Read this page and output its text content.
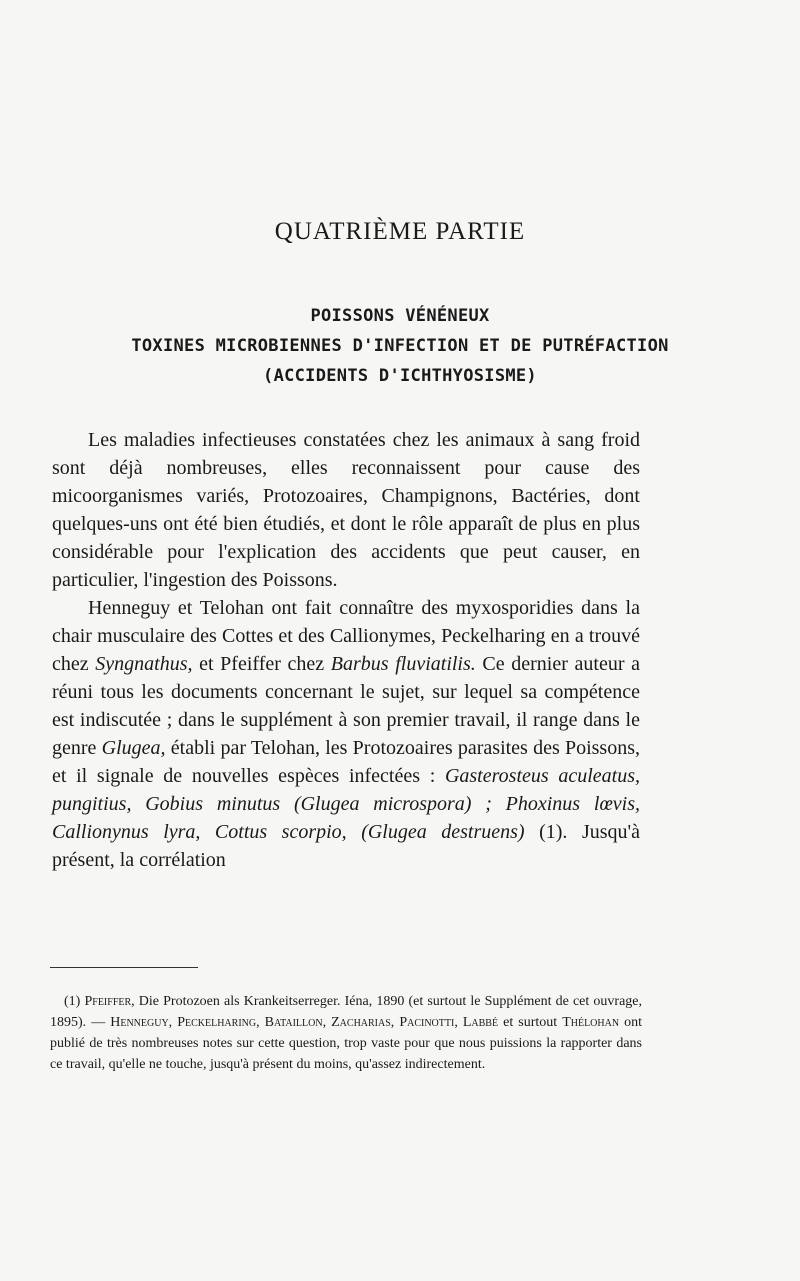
QUATRIÈME PARTIE
POISSONS VÉNÉNEUX
TOXINES MICROBIENNES D'INFECTION ET DE PUTRÉFACTION
(ACCIDENTS D'ICHTHYOSISME)

Les maladies infectieuses constatées chez les animaux à sang froid sont déjà nombreuses, elles reconnaissent pour cause des micoorganismes variés, Protozoaires, Champignons, Bactéries, dont quelques-uns ont été bien étudiés, et dont le rôle apparaît de plus en plus considérable pour l'explication des accidents que peut causer, en particulier, l'ingestion des Poissons.

Henneguy et Telohan ont fait connaître des myxosporidies dans la chair musculaire des Cottes et des Callionymes, Peckelharing en a trouvé chez Syngnathus, et Pfeiffer chez Barbus fluviatilis. Ce dernier auteur a réuni tous les documents concernant le sujet, sur lequel sa compétence est indiscutée ; dans le supplément à son premier travail, il range dans le genre Glugea, établi par Telohan, les Protozoaires parasites des Poissons, et il signale de nouvelles espèces infectées : Gasterosteus aculeatus, pungitius, Gobius minutus (Glugea microspora) ; Phoxinus lœvis, Callionynus lyra, Cottus scorpio, (Glugea destruens) (1). Jusqu'à présent, la corrélation

(1) Pfeiffer, Die Protozoen als Krankeitserreger. Iéna, 1890 (et surtout le Supplément de cet ouvrage, 1895). — Henneguy, Peckelharing, Bataillon, Zacharias, Pacinotti, Labbé et surtout Thélohan ont publié de très nombreuses notes sur cette question, trop vaste pour que nous puissions la rapporter dans ce travail, qu'elle ne touche, jusqu'à présent du moins, qu'assez indirectement.
